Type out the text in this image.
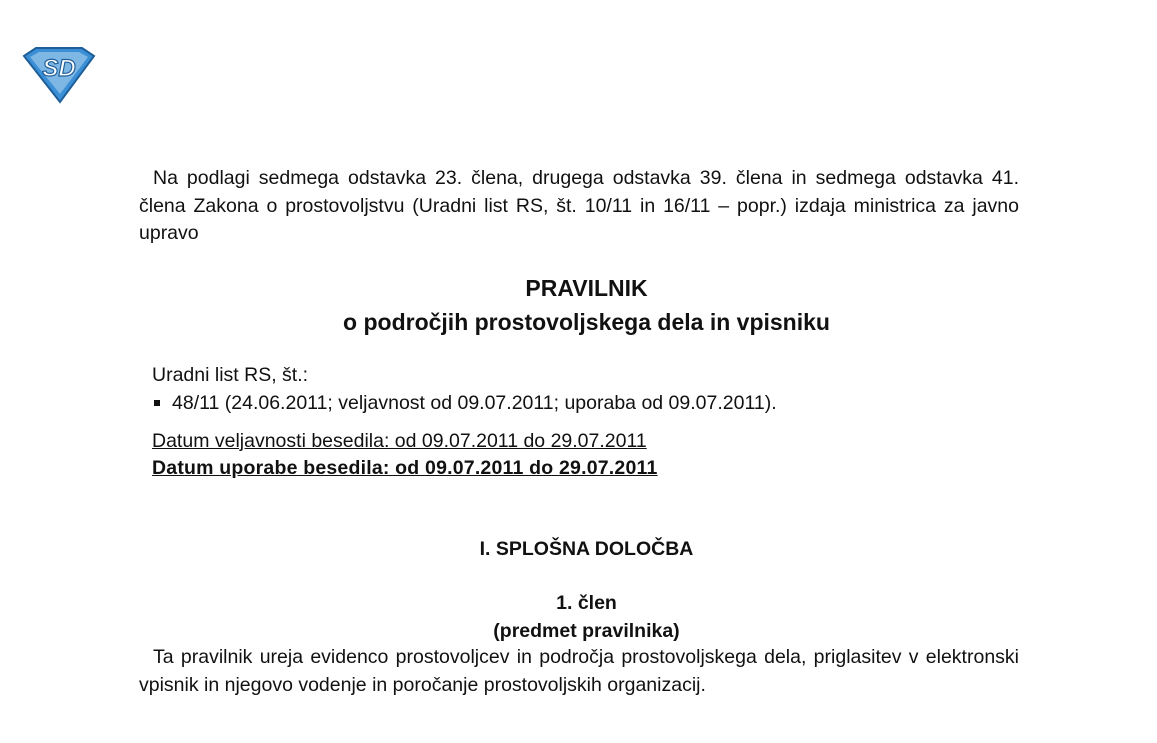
SD
Na podlagi sedmega odstavka 23. člena, drugega odstavka 39. člena in sedmega odstavka 41. člena Zakona o prostovoljstvu (Uradni list RS, št. 10/11 in 16/11 – popr.) izdaja ministrica za javno upravo
PRAVILNIK
o področjih prostovoljskega dela in vpisniku
Uradni list RS, št.:
48/11 (24.06.2011; veljavnost od 09.07.2011; uporaba od 09.07.2011).
Datum veljavnosti besedila: od 09.07.2011 do 29.07.2011
Datum uporabe besedila: od 09.07.2011 do 29.07.2011
I. SPLOŠNA DOLOČBA
1. člen
(predmet pravilnika)
Ta pravilnik ureja evidenco prostovoljcev in področja prostovoljskega dela, priglasitev v elektronski vpisnik in njegovo vodenje in poročanje prostovoljskih organizacij.
